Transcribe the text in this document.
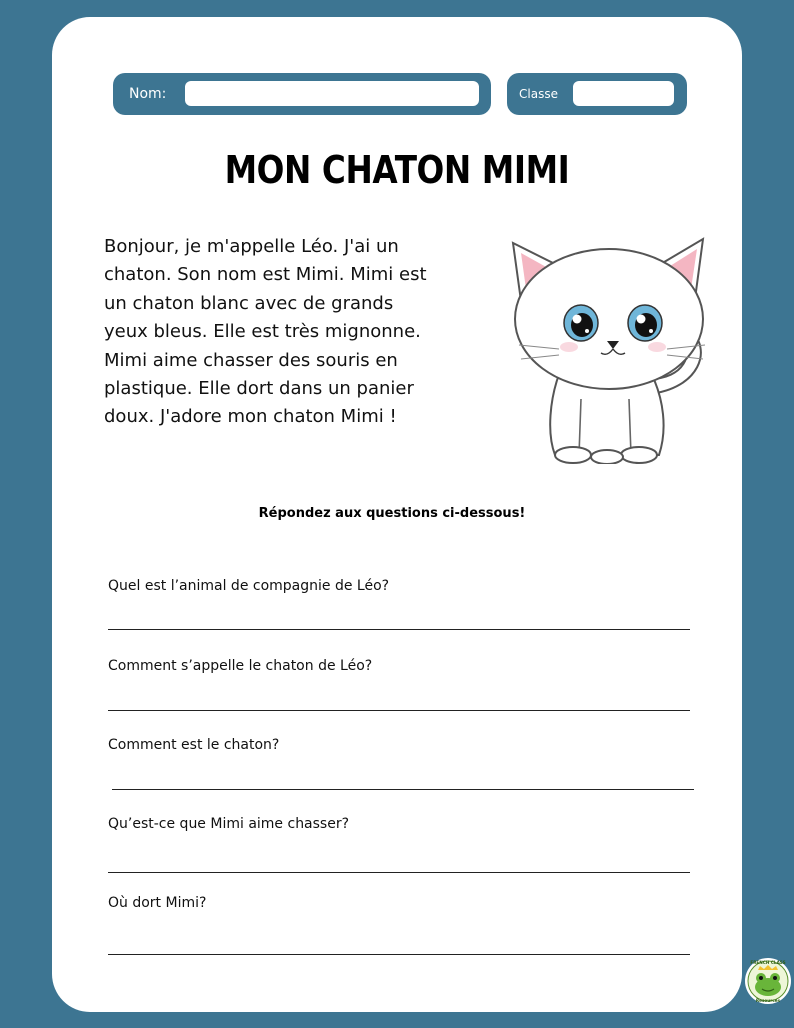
Nom:	Classe
MON CHATON MIMI
Bonjour, je m'appelle Léo. J'ai un
chaton. Son nom est Mimi. Mimi est
un chaton blanc avec de grands
yeux bleus. Elle est très mignonne.
Mimi aime chasser des souris en
plastique. Elle dort dans un panier
doux. J'adore mon chaton Mimi !
Répondez aux questions ci-dessous!
Quel est l’animal de compagnie de Léo?
Comment s’appelle le chaton de Léo?
Comment est le chaton?
Qu’est-ce que Mimi aime chasser?
Où dort Mimi?
FRENCH CLASS
Resources
